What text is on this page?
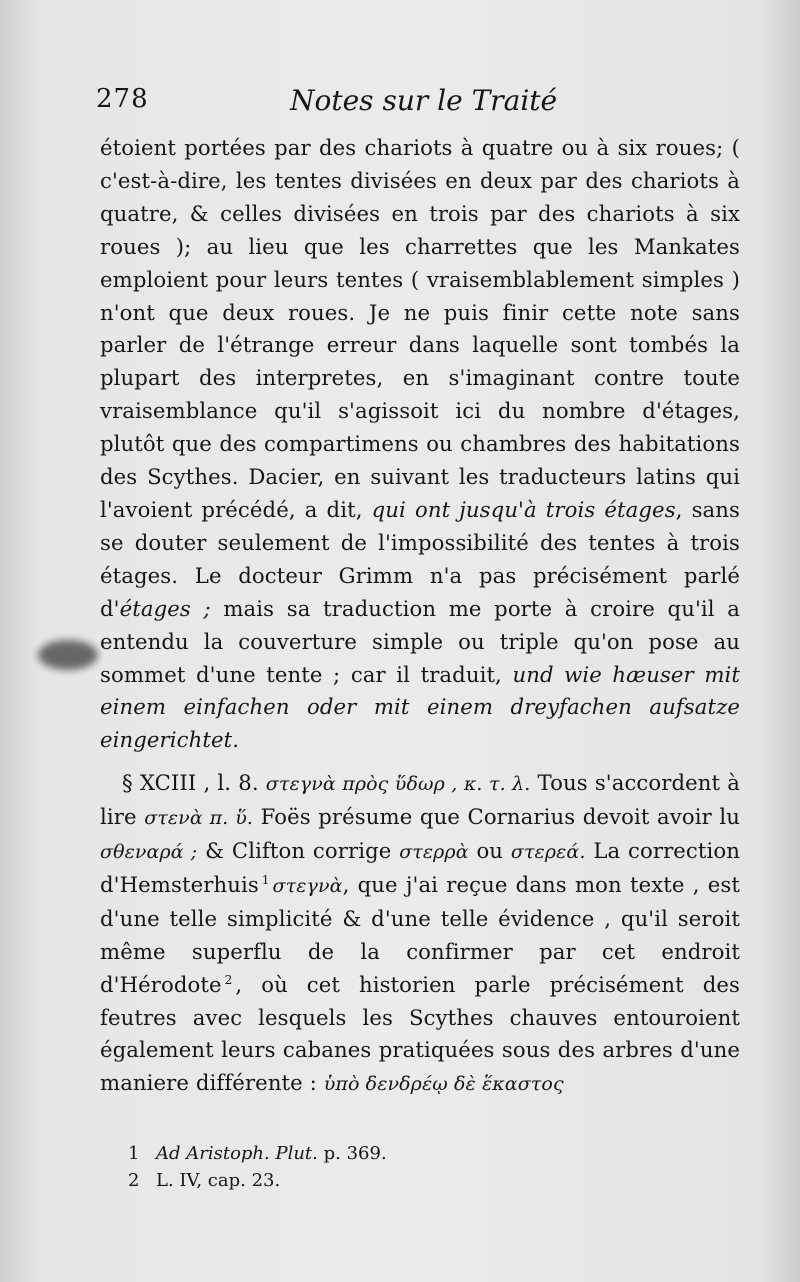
278	Notes sur le Traité

étoient portées par des chariots à quatre ou à six roues; ( c'est-à-dire, les tentes divisées en deux par des chariots à quatre, & celles divisées en trois par des chariots à six roues ); au lieu que les charrettes que les Mankates emploient pour leurs tentes ( vraisemblablement simples ) n'ont que deux roues. Je ne puis finir cette note sans parler de l'étrange erreur dans laquelle sont tombés la plupart des interpretes, en s'imaginant contre toute vraisemblance qu'il s'agissoit ici du nombre d'étages, plutôt que des compartimens ou chambres des habitations des Scythes. Dacier, en suivant les traducteurs latins qui l'avoient précédé, a dit, qui ont jusqu'à trois étages, sans se douter seulement de l'impossibilité des tentes à trois étages. Le docteur Grimm n'a pas précisément parlé d'étages ; mais sa traduction me porte à croire qu'il a entendu la couverture simple ou triple qu'on pose au sommet d'une tente ; car il traduit, und wie hæuser mit einem einfachen oder mit einem dreyfachen aufsatze eingerichtet.

§ XCIII , l. 8. στεγνὰ πρὸς ὕδωρ , κ. τ. λ. Tous s'accordent à lire στενὰ π. ὕ. Foës présume que Cornarius devoit avoir lu σθεναρά ; & Clifton corrige στερρὰ ou στερεά. La correction d'Hemsterhuis $^1$ στεγνὰ, que j'ai reçue dans mon texte , est d'une telle simplicité & d'une telle évidence , qu'il seroit même superflu de la confirmer par cet endroit d'Hérodote $^2$ , où cet historien parle précisément des feutres avec lesquels les Scythes chauves entouroient également leurs cabanes pratiquées sous des arbres d'une maniere différente : ὑπὸ δενδρέῳ δὲ ἕκαστος

1 Ad Aristoph. Plut. p. 369.
2 L. IV, cap. 23.
